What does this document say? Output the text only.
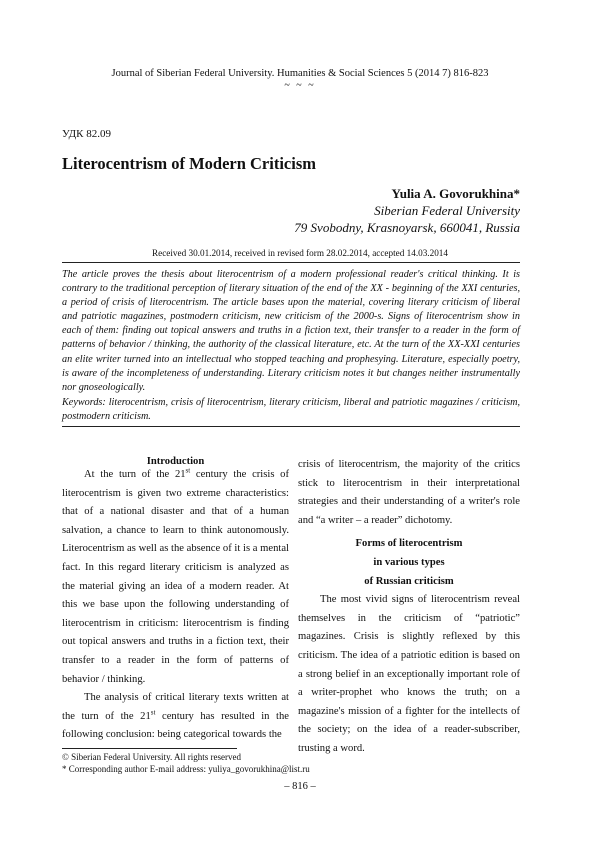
Journal of Siberian Federal University. Humanities & Social Sciences 5 (2014 7) 816-823
~ ~ ~
УДК 82.09
Literocentrism of Modern Criticism
Yulia A. Govorukhina*
Siberian Federal University
79 Svobodny, Krasnoyarsk, 660041, Russia
Received 30.01.2014, received in revised form 28.02.2014, accepted 14.03.2014
The article proves the thesis about literocentrism of a modern professional reader's critical thinking. It is contrary to the traditional perception of literary situation of the end of the XX - beginning of the XXI centuries, a period of crisis of literocentrism. The article bases upon the material, covering literary criticism of liberal and patriotic magazines, postmodern criticism, new criticism of the 2000-s. Signs of literocentrism show in each of them: finding out topical answers and truths in a fiction text, their transfer to a reader in the form of patterns of behavior / thinking, the authority of the classical literature, etc. At the turn of the XX-XXI centuries an elite writer turned into an intellectual who stopped teaching and prophesying. Literature, especially poetry, is aware of the incompleteness of understanding. Literary criticism notes it but changes neither instrumentally nor gnoseologically.
Keywords: literocentrism, crisis of literocentrism, literary criticism, liberal and patriotic magazines / criticism, postmodern criticism.
Introduction

At the turn of the 21st century the crisis of literocentrism is given two extreme characteristics: that of a national disaster and that of a human salvation, a chance to learn to think autonomously. Literocentrism as well as the absence of it is a mental fact. In this regard literary criticism is analyzed as the material giving an idea of a modern reader. At this we base upon the following understanding of literocentrism in criticism: literocentrism is finding out topical answers and truths in a fiction text, their transfer to a reader in the form of patterns of behavior / thinking.

The analysis of critical literary texts written at the turn of the 21st century has resulted in the following conclusion: being categorical towards the

crisis of literocentrism, the majority of the critics stick to literocentrism in their interpretational strategies and their understanding of a writer's role and “a writer – a reader” dichotomy.

Forms of literocentrism
in various types
of Russian criticism

The most vivid signs of literocentrism reveal themselves in the criticism of “patriotic” magazines. Crisis is slightly reflexed by this criticism. The idea of a patriotic edition is based on a strong belief in an exceptionally important role of a writer-prophet who knows the truth; on a magazine's mission of a fighter for the intellects of the society; on the idea of a reader-subscriber, trusting a word.

© Siberian Federal University. All rights reserved
* Corresponding author E-mail address: yuliya_govorukhina@list.ru
– 816 –
